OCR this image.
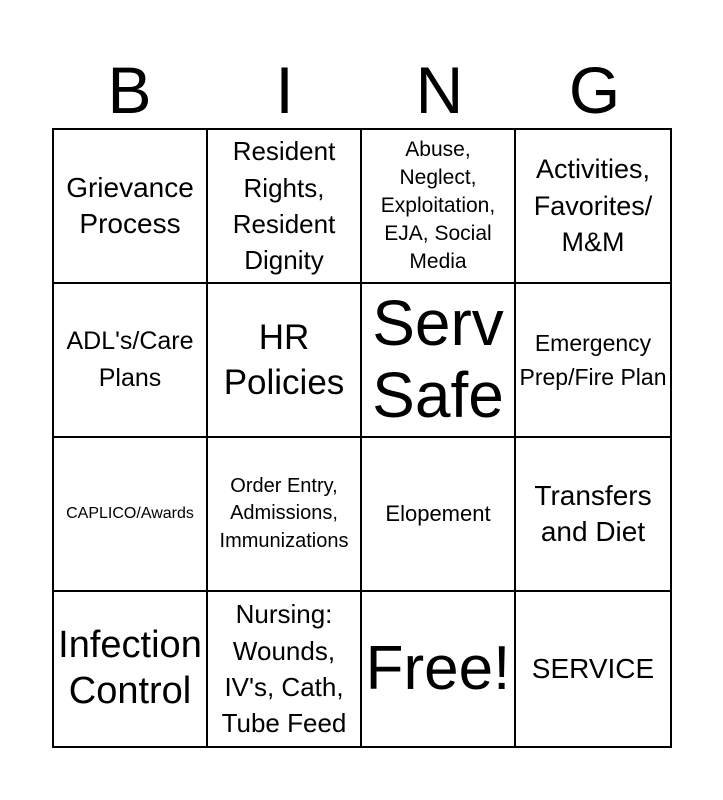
B	I	N	G
Grievance Process
Resident Rights, Resident Dignity
Abuse, Neglect, Exploitation, EJA, Social Media
Activities, Favorites/ M&M
ADL's/Care Plans
HR Policies
Serv Safe
Emergency Prep/Fire Plan
CAPLICO/Awards
Order Entry, Admissions, Immunizations
Elopement
Transfers and Diet
Infection Control
Nursing: Wounds, IV's, Cath, Tube Feed
Free! SERVICE
